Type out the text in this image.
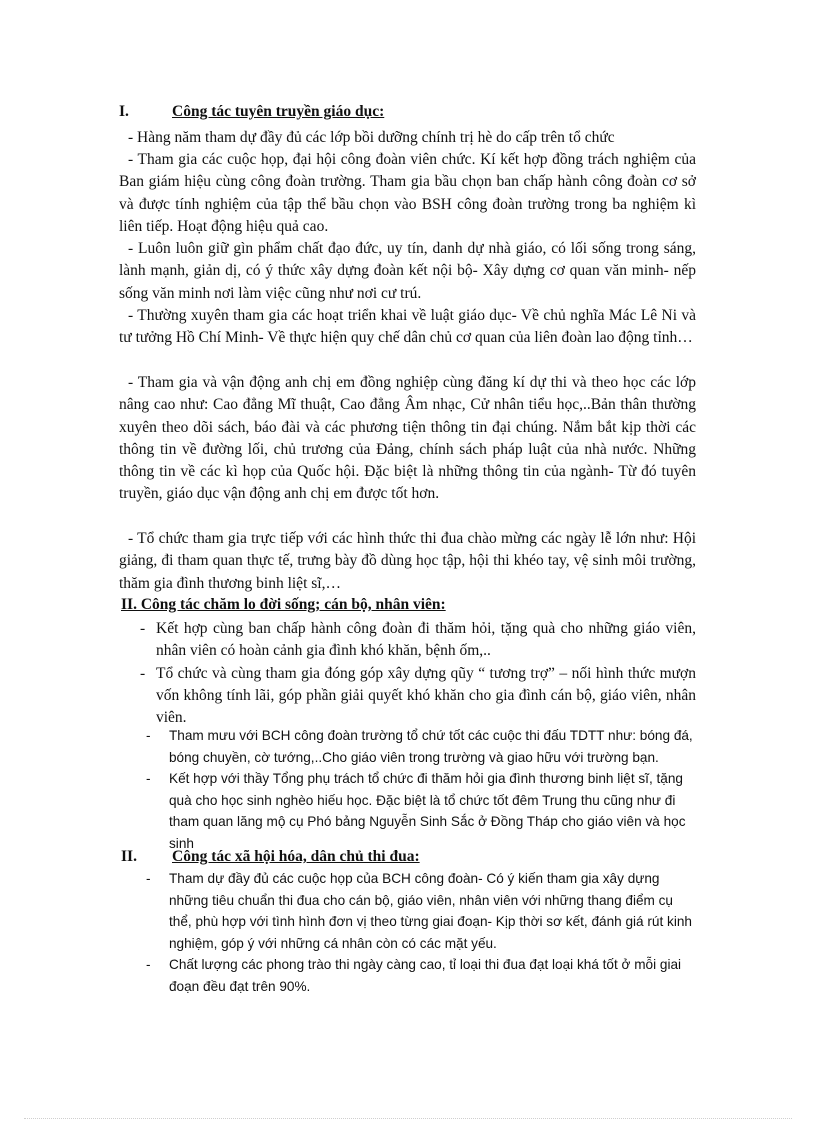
I.	Công tác tuyên truyền giáo dục:

- Hàng năm tham dự đầy đủ các lớp bồi dưỡng chính trị hè do cấp trên tổ chức

- Tham gia các cuộc họp, đại hội công đoàn viên chức. Kí kết hợp đồng trách nghiệm của Ban giám hiệu cùng công đoàn trường. Tham gia bầu chọn ban chấp hành công đoàn cơ sở và được tính nghiệm của tập thể bầu chọn vào BSH công đoàn trường trong ba nghiệm kì liên tiếp. Hoạt động hiệu quả cao.

- Luôn luôn giữ gìn phẩm chất đạo đức, uy tín, danh dự nhà giáo, có lối sống trong sáng, lành mạnh, giản dị, có ý thức xây dựng đoàn kết nội bộ- Xây dựng cơ quan văn minh- nếp sống văn minh nơi làm việc cũng như nơi cư trú.

- Thường xuyên tham gia các hoạt triển khai về luật giáo dục- Về chủ nghĩa Mác Lê Ni và tư tưởng Hồ Chí Minh- Về thực hiện quy chế dân chủ cơ quan của liên đoàn lao động tỉnh…

- Tham gia và vận động anh chị em đồng nghiệp cùng đăng kí dự thi và theo học các lớp nâng cao như: Cao đẳng Mĩ thuật, Cao đẳng Âm nhạc, Cử nhân tiểu học,..Bản thân thường xuyên theo dõi sách, báo đài và các phương tiện thông tin đại chúng. Nắm bắt kịp thời các thông tin về đường lối, chủ trương của Đảng, chính sách pháp luật của nhà nước. Những thông tin về các kì họp của Quốc hội. Đặc biệt là những thông tin của ngành- Từ đó tuyên truyền, giáo dục vận động anh chị em được tốt hơn.

- Tổ chức tham gia trực tiếp với các hình thức thi đua chào mừng các ngày lễ lớn như: Hội giảng, đi tham quan thực tế, trưng bày đồ dùng học tập, hội thi khéo tay, vệ sinh môi trường, thăm gia đình thương binh liệt sĩ,…

II. Công tác chăm lo đời sống; cán bộ, nhân viên:

- Kết hợp cùng ban chấp hành công đoàn đi thăm hỏi, tặng quà cho những giáo viên, nhân viên có hoàn cảnh gia đình khó khăn, bệnh ốm,..

- Tổ chức và cùng tham gia đóng góp xây dựng qũy “ tương trợ” – nối hình thức mượn vốn không tính lãi, góp phần giải quyết khó khăn cho gia đình cán bộ, giáo viên, nhân viên.

- Tham mưu với BCH công đoàn trường tổ chứ tốt các cuộc thi đấu TDTT như: bóng đá, bóng chuyền, cờ tướng,..Cho giáo viên trong trường và giao hữu với trường bạn.

- Kết hợp với thầy Tổng phụ trách tổ chức đi thăm hỏi gia đình thương binh liệt sĩ, tặng quà cho học sinh nghèo hiếu học. Đặc biệt là tổ chức tốt đêm Trung thu cũng như đi tham quan lăng mộ cụ Phó bảng Nguyễn Sinh Sắc ở Đồng Tháp cho giáo viên và học sinh

II. Công tác xã hội hóa, dân chủ thi đua:

- Tham dự đầy đủ các cuộc họp của BCH công đoàn- Có ý kiến tham gia xây dựng những tiêu chuẩn thi đua cho cán bộ, giáo viên, nhân viên với những thang điểm cụ thể, phù hợp với tình hình đơn vị theo từng giai đoạn- Kịp thời sơ kết, đánh giá rút kinh nghiệm, góp ý với những cá nhân còn có các mặt yếu.

- Chất lượng các phong trào thi ngày càng cao, tỉ loại thi đua đạt loại khá tốt ở mỗi giai đoạn đều đạt trên 90%.
